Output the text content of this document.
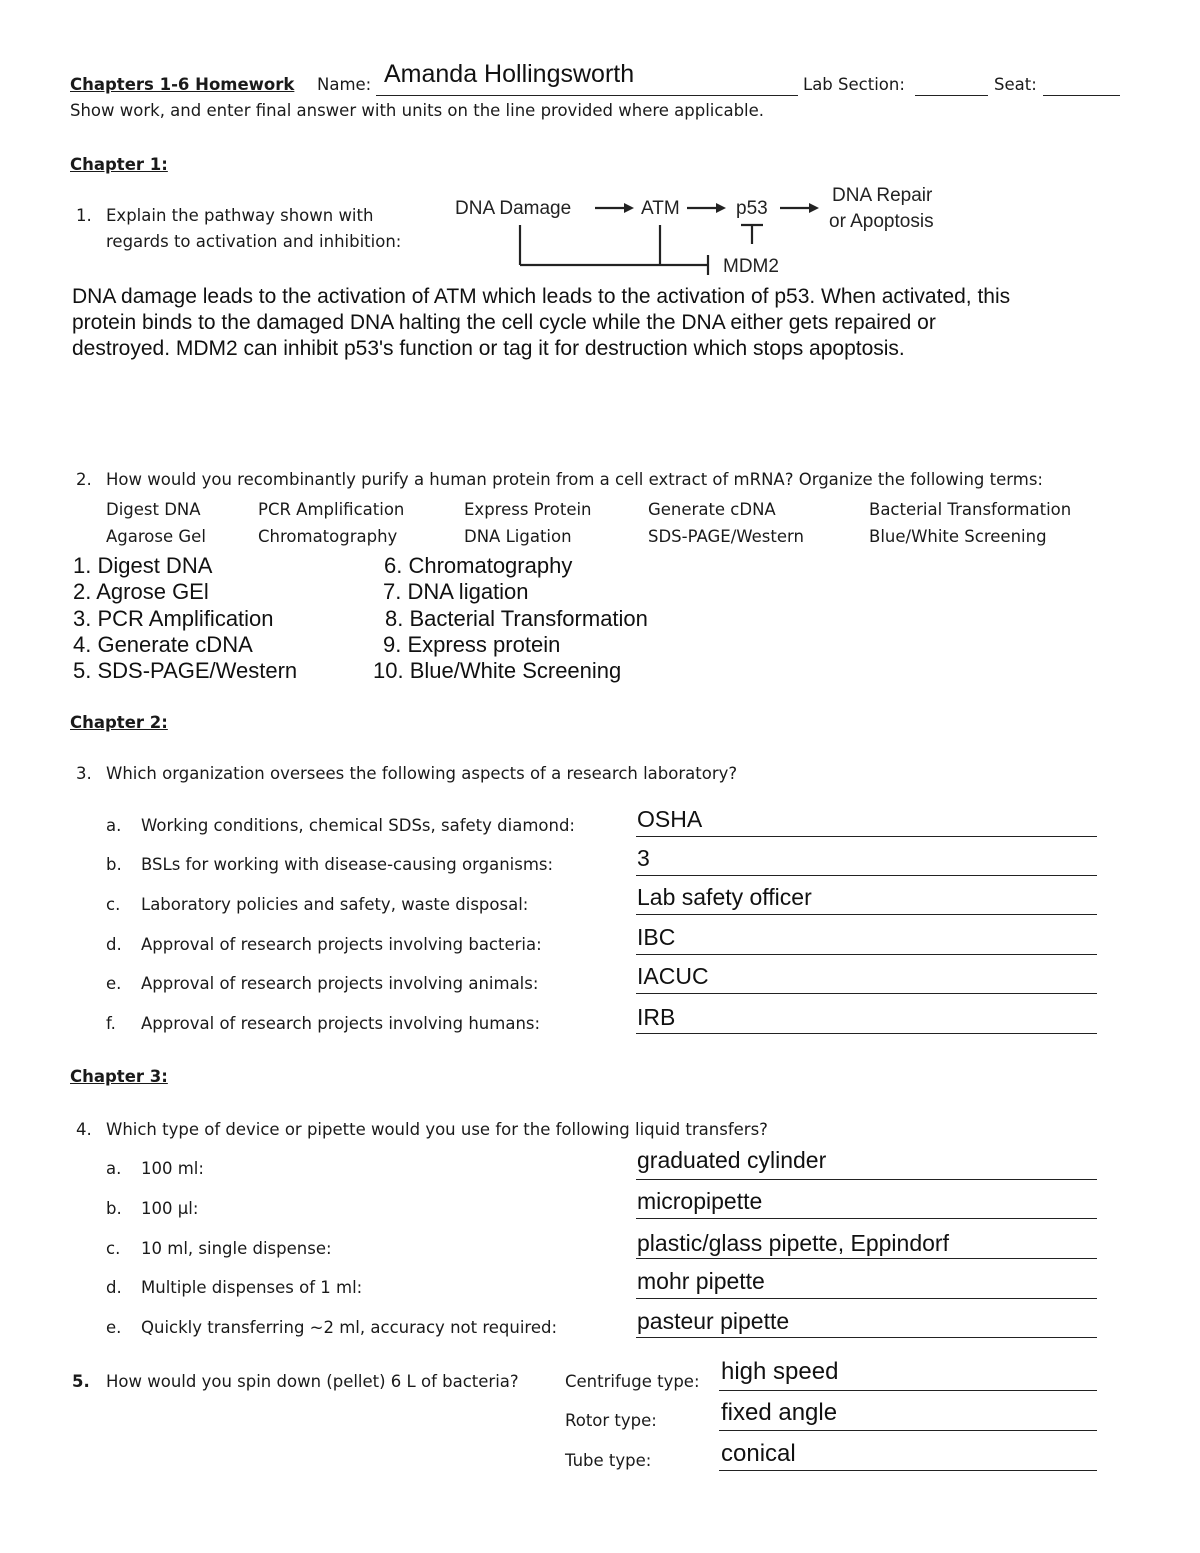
Chapters 1-6 Homework Name: Amanda Hollingsworth	Lab Section:	Seat:
Show work, and enter final answer with units on the line provided where applicable.
Chapter 1:
1. Explain the pathway shown with
regards to activation and inhibition:
DNA Damage	ATM	p53
DNA Repair
or Apoptosis
MDM2
DNA damage leads to the activation of ATM which leads to the activation of p53. When activated, this
protein binds to the damaged DNA halting the cell cycle while the DNA either gets repaired or
destroyed. MDM2 can inhibit p53's function or tag it for destruction which stops apoptosis.
2. How would you recombinantly purify a human protein from a cell extract of mRNA? Organize the following terms:
Digest DNA	PCR Amplification	Express Protein	Generate cDNA	Bacterial Transformation
Agarose Gel	Chromatography	DNA Ligation	SDS-PAGE/Western	Blue/White Screening
1. Digest DNA
2. Agrose GEl
3. PCR Amplification
4. Generate cDNA
5. SDS-PAGE/Western
6. Chromatography
7. DNA ligation
8. Bacterial Transformation
9. Express protein
10. Blue/White Screening
Chapter 2:
3. Which organization oversees the following aspects of a research laboratory?
a. Working conditions, chemical SDSs, safety diamond:	OSHA
b. BSLs for working with disease-causing organisms:	3
c. Laboratory policies and safety, waste disposal:	Lab safety officer
d. Approval of research projects involving bacteria:	IBC
e. Approval of research projects involving animals:	IACUC
f. Approval of research projects involving humans:	IRB
Chapter 3:
4. Which type of device or pipette would you use for the following liquid transfers?
a. 100 ml:	graduated cylinder
b. 100 µl:	micropipette
c. 10 ml, single dispense:	plastic/glass pipette, Eppindorf
d. Multiple dispenses of 1 ml:	mohr pipette
e. Quickly transferring ~2 ml, accuracy not required:	pasteur pipette
5. How would you spin down (pellet) 6 L of bacteria?	Centrifuge type: high speed
Rotor type:	fixed angle
Tube type:	conical
